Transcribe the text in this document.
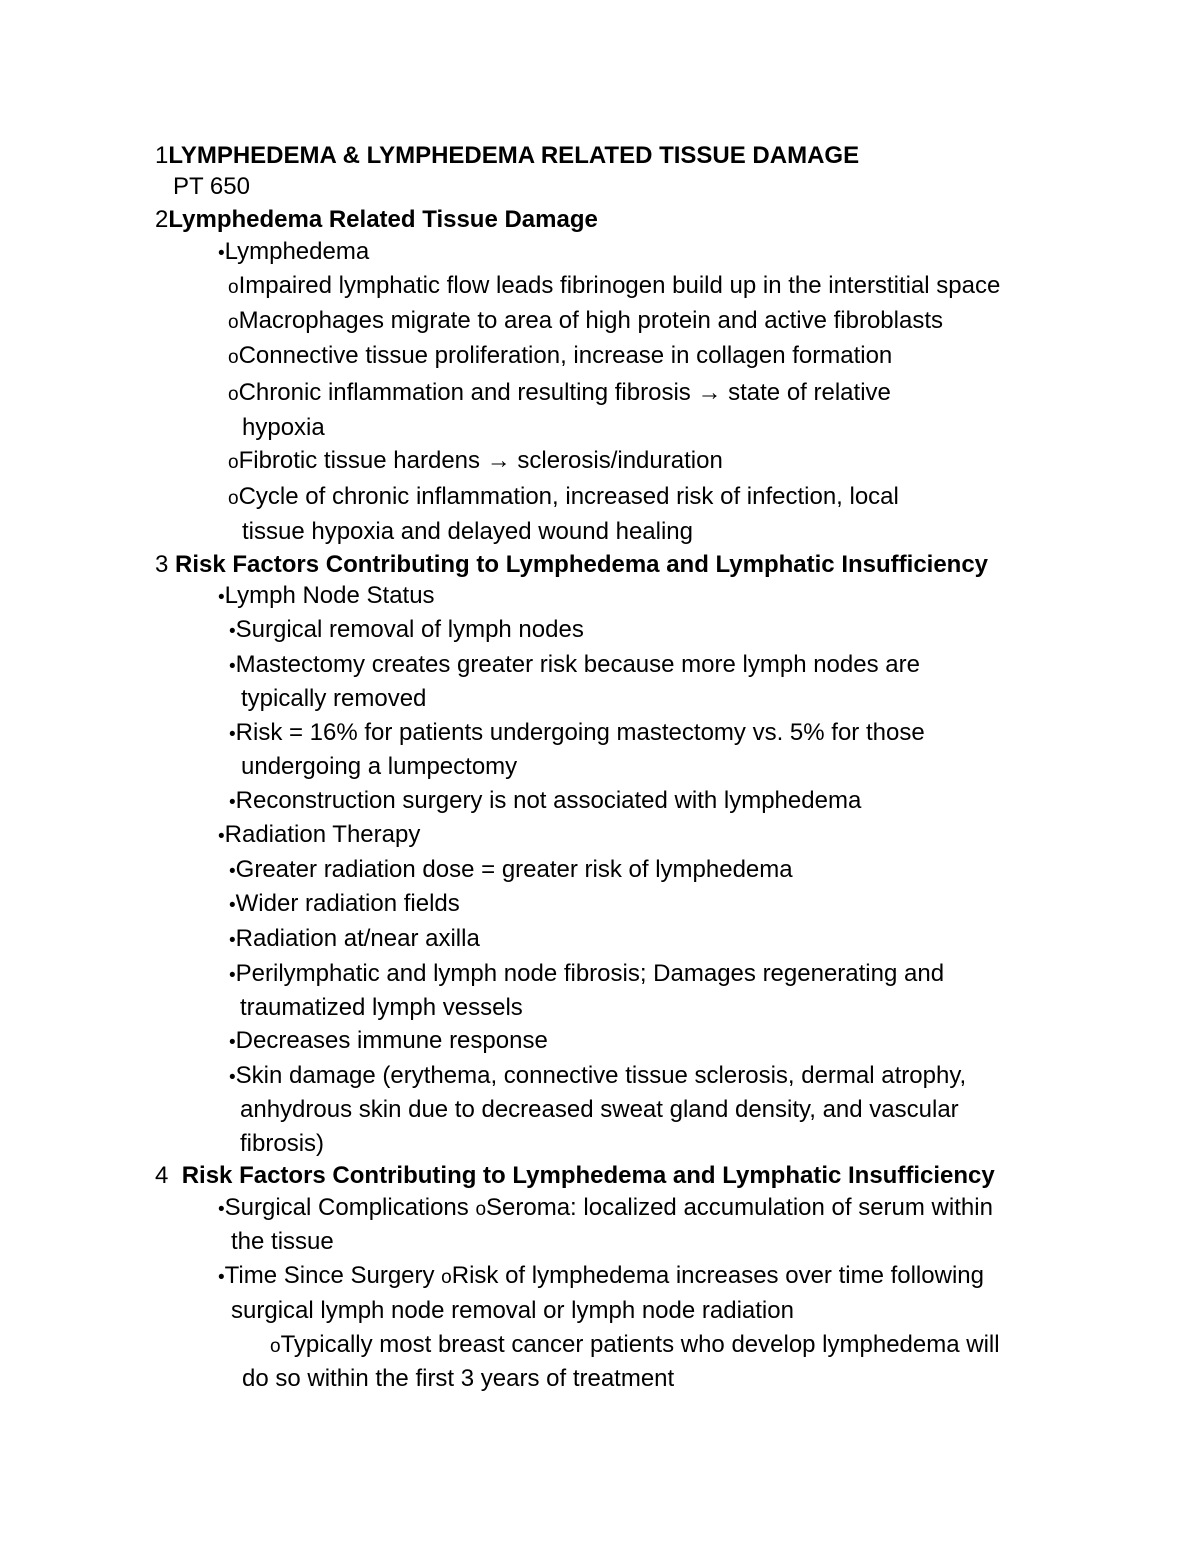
1LYMPHEDEMA & LYMPHEDEMA RELATED TISSUE DAMAGE
PT 650
2Lymphedema Related Tissue Damage
•Lymphedema
oImpaired lymphatic flow leads fibrinogen build up in the interstitial space
oMacrophages migrate to area of high protein and active fibroblasts
oConnective tissue proliferation, increase in collagen formation
oChronic inflammation and resulting fibrosis → state of relative
hypoxia
oFibrotic tissue hardens → sclerosis/induration
oCycle of chronic inflammation, increased risk of infection, local
tissue hypoxia and delayed wound healing
3 Risk Factors Contributing to Lymphedema and Lymphatic Insufficiency
•Lymph Node Status
•Surgical removal of lymph nodes
•Mastectomy creates greater risk because more lymph nodes are
typically removed
•Risk = 16% for patients undergoing mastectomy vs. 5% for those
undergoing a lumpectomy
•Reconstruction surgery is not associated with lymphedema
•Radiation Therapy
•Greater radiation dose = greater risk of lymphedema
•Wider radiation fields
•Radiation at/near axilla
•Perilymphatic and lymph node fibrosis; Damages regenerating and
traumatized lymph vessels
•Decreases immune response
•Skin damage (erythema, connective tissue sclerosis, dermal atrophy,
anhydrous skin due to decreased sweat gland density, and vascular
fibrosis)
4 Risk Factors Contributing to Lymphedema and Lymphatic Insufficiency
•Surgical Complications oSeroma: localized accumulation of serum within
the tissue
•Time Since Surgery oRisk of lymphedema increases over time following
surgical lymph node removal or lymph node radiation
oTypically most breast cancer patients who develop lymphedema will
do so within the first 3 years of treatment
